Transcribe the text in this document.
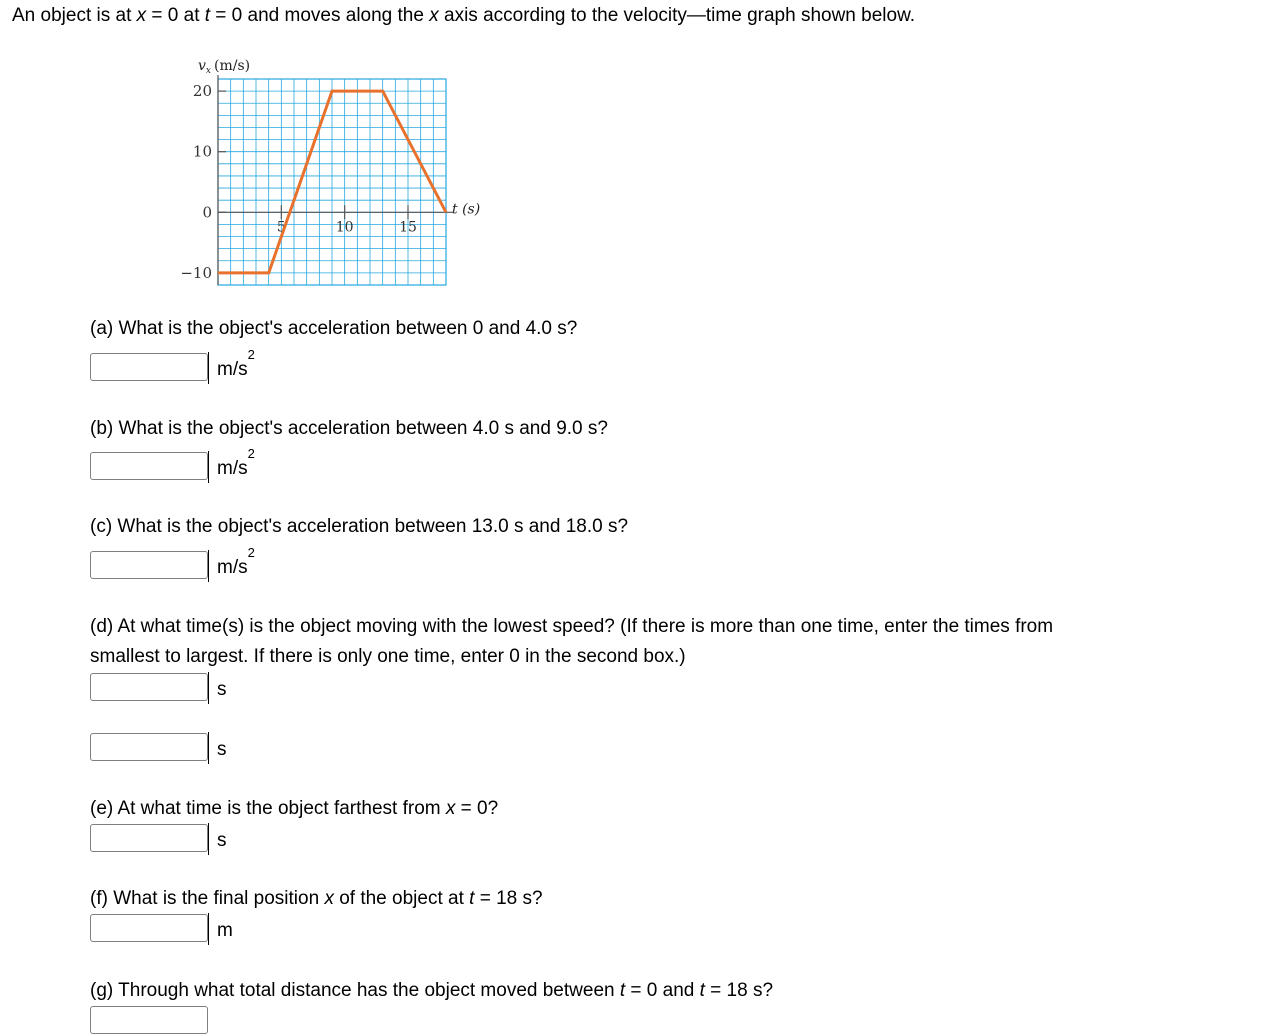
An object is at x = 0 at t = 0 and moves along the x axis according to the velocity—time graph shown below.
20
10
0
−10
5	10	15
$v_x$ (m/s)
t (s)
(a) What is the object's acceleration between 0 and 4.0 s?
$m/s^2$
(b) What is the object's acceleration between 4.0 s and 9.0 s?
$m/s^2$
(c) What is the object's acceleration between 13.0 s and 18.0 s?
$m/s^2$
(d) At what time(s) is the object moving with the lowest speed? (If there is more than one time, enter the times from
smallest to largest. If there is only one time, enter 0 in the second box.)
s
s
(e) At what time is the object farthest from x = 0?
s
(f) What is the final position x of the object at t = 18 s?
m
(g) Through what total distance has the object moved between t = 0 and t = 18 s?
